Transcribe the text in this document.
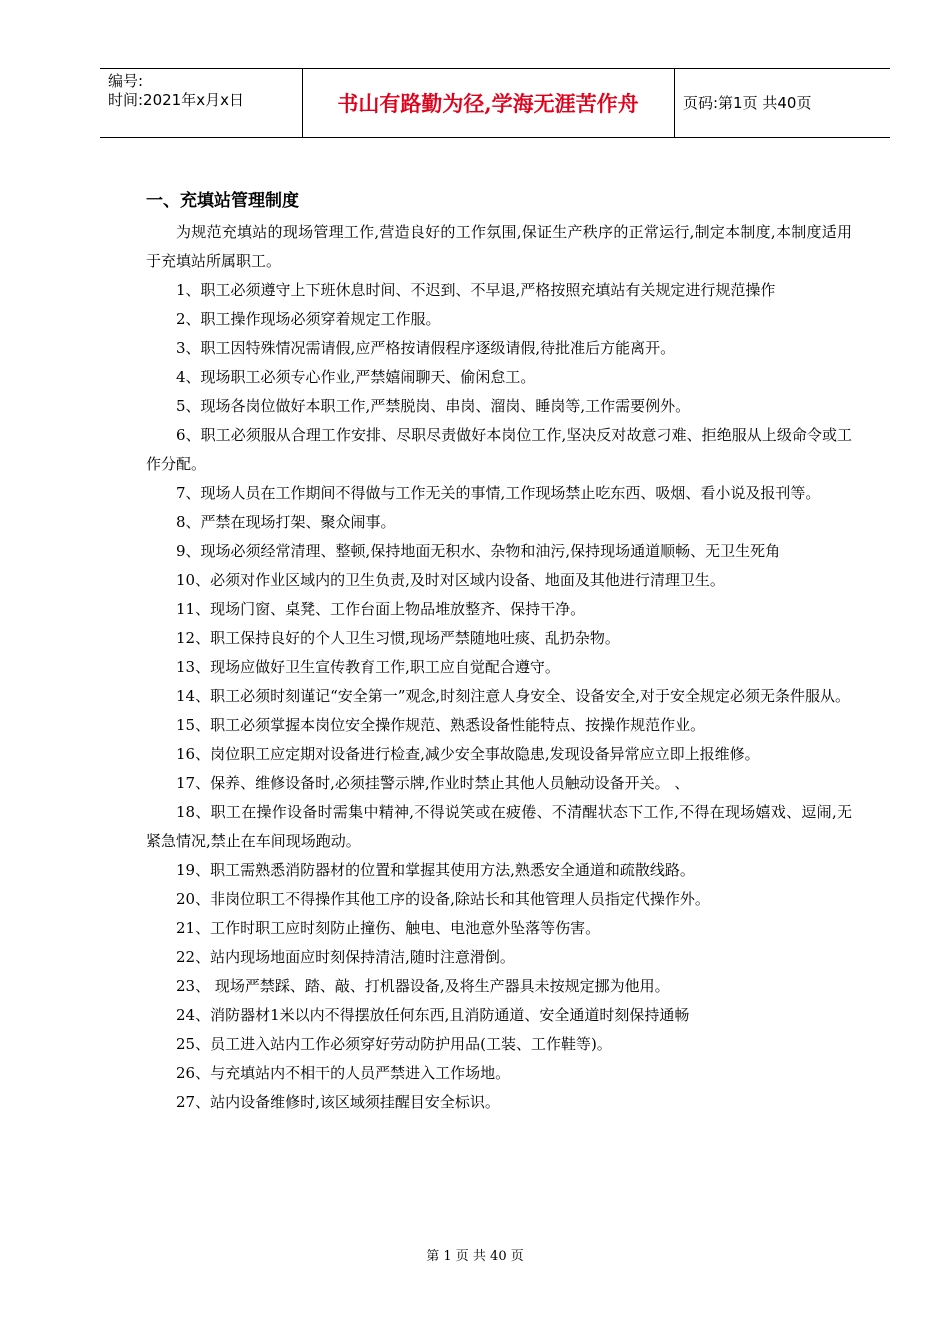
编号:
时间:2021年x月x日	书山有路勤为径,学海无涯苦作舟	页码:第1页 共40页
一、充填站管理制度

为规范充填站的现场管理工作,营造良好的工作氛围,保证生产秩序的正常运行,制定本制度,本制度适用于充填站所属职工。

1、职工必须遵守上下班休息时间、不迟到、不早退,严格按照充填站有关规定进行规范操作

2、职工操作现场必须穿着规定工作服。

3、职工因特殊情况需请假,应严格按请假程序逐级请假,待批准后方能离开。

4、现场职工必须专心作业,严禁嬉闹聊天、偷闲怠工。

5、现场各岗位做好本职工作,严禁脱岗、串岗、溜岗、睡岗等,工作需要例外。

6、职工必须服从合理工作安排、尽职尽责做好本岗位工作,坚决反对故意刁难、拒绝服从上级命令或工作分配。

7、现场人员在工作期间不得做与工作无关的事情,工作现场禁止吃东西、吸烟、看小说及报刊等。

8、严禁在现场打架、聚众闹事。

9、现场必须经常清理、整顿,保持地面无积水、杂物和油污,保持现场通道顺畅、无卫生死角

10、必须对作业区域内的卫生负责,及时对区域内设备、地面及其他进行清理卫生。

11、现场门窗、桌凳、工作台面上物品堆放整齐、保持干净。

12、职工保持良好的个人卫生习惯,现场严禁随地吐痰、乱扔杂物。

13、现场应做好卫生宣传教育工作,职工应自觉配合遵守。

14、职工必须时刻谨记“安全第一”观念,时刻注意人身安全、设备安全,对于安全规定必须无条件服从。

15、职工必须掌握本岗位安全操作规范、熟悉设备性能特点、按操作规范作业。

16、岗位职工应定期对设备进行检查,减少安全事故隐患,发现设备异常应立即上报维修。

17、保养、维修设备时,必须挂警示牌,作业时禁止其他人员触动设备开关。 、

18、职工在操作设备时需集中精神,不得说笑或在疲倦、不清醒状态下工作,不得在现场嬉戏、逗闹,无紧急情况,禁止在车间现场跑动。

19、职工需熟悉消防器材的位置和掌握其使用方法,熟悉安全通道和疏散线路。

20、非岗位职工不得操作其他工序的设备,除站长和其他管理人员指定代操作外。

21、工作时职工应时刻防止撞伤、触电、电池意外坠落等伤害。

22、站内现场地面应时刻保持清洁,随时注意滑倒。

23、 现场严禁踩、踏、敲、打机器设备,及将生产器具未按规定挪为他用。

24、消防器材1米以内不得摆放任何东西,且消防通道、安全通道时刻保持通畅

25、员工进入站内工作必须穿好劳动防护用品(工装、工作鞋等)。

26、与充填站内不相干的人员严禁进入工作场地。

27、站内设备维修时,该区域须挂醒目安全标识。

第 1 页 共 40 页
